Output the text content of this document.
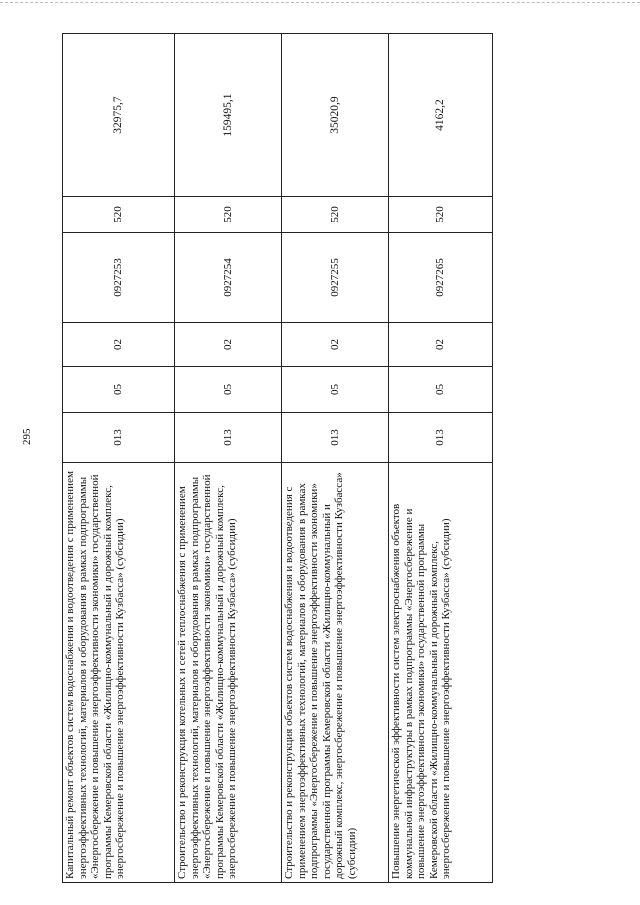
295
Капитальный ремонт объектов систем водоснабжения и водоотведения с применением энергоэффективных технологий, материалов и оборудования в рамках подпрограммы «Энергосбережение и повышение энергоэффективности экономики» государственной программы Кемеровской области «Жилищно-коммунальный и дорожный комплекс, энергосбережение и повышение энергоэффективности Кузбасса» (субсидии)	013	05	02	0927253	520	32975,7
Строительство и реконструкция котельных и сетей теплоснабжения с применением энергоэффективных технологий, материалов и оборудования в рамках подпрограммы «Энергосбережение и повышение энергоэффективности экономики» государственной программы Кемеровской области «Жилищно-коммунальный и дорожный комплекс, энергосбережение и повышение энергоэффективности Кузбасса» (субсидии)	013	05	02	0927254	520	159495,1
Строительство и реконструкция объектов систем водоснабжения и водоотведения с применением энергоэффективных технологий, материалов и оборудования в рамках подпрограммы «Энергосбережение и повышение энергоэффективности экономики» государственной программы Кемеровской области «Жилищно-коммунальный и дорожный комплекс, энергосбережение и повышение энергоэффективности Кузбасса» (субсидии)	013	05	02	0927255	520	35020,9
Повышение энергетической эффективности систем электроснабжения объектов коммунальной инфраструктуры в рамках подпрограммы «Энергосбережение и повышение энергоэффективности экономики» государственной программы Кемеровской области «Жилищно-коммунальный и дорожный комплекс, энергосбережение и повышение энергоэффективности Кузбасса» (субсидии)	013	05	02	0927265	520	4162,2
